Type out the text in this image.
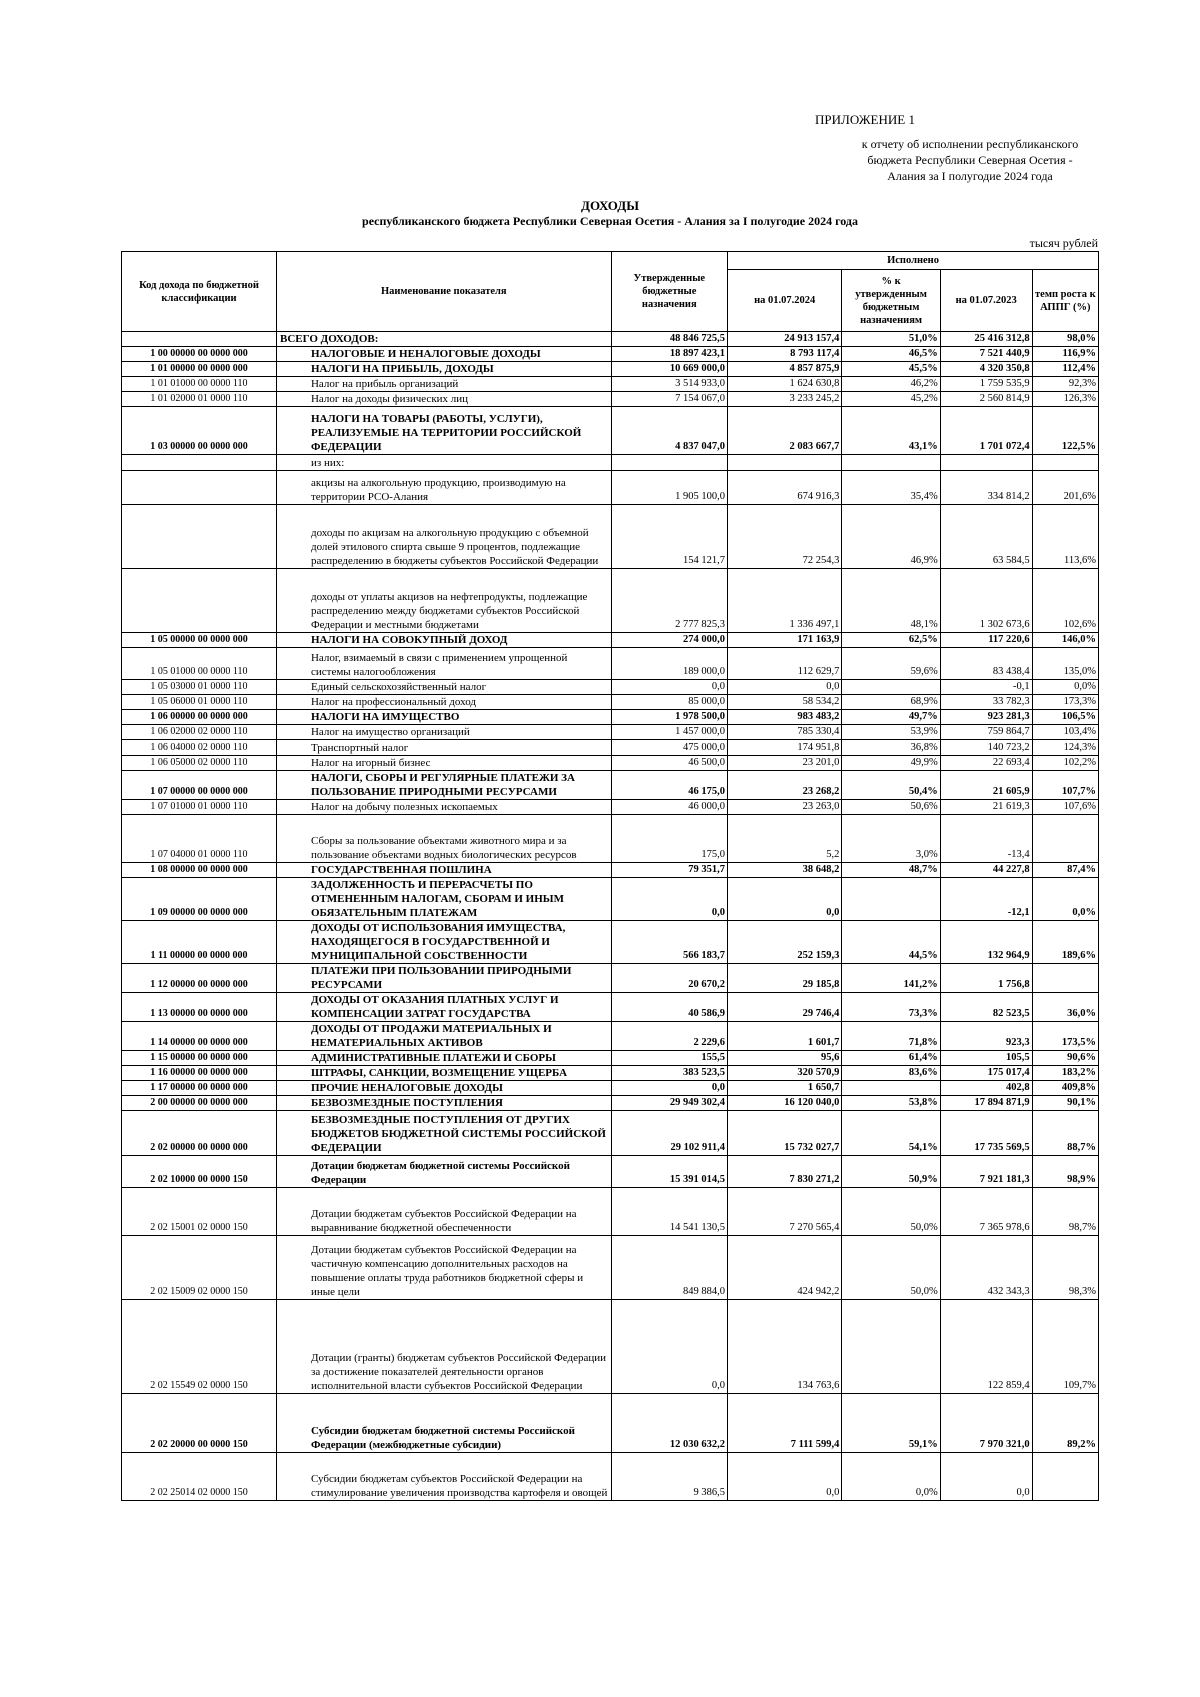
ПРИЛОЖЕНИЕ 1
к отчету об исполнении республиканского
бюджета Республики Северная Осетия -
Алания за I полугодие 2024 года
ДОХОДЫ
республиканского бюджета Республики Северная Осетия - Алания за I полугодие 2024 года
тысяч рублей
Код дохода по бюджетной классификации	Наименование показателя	Утвержденные бюджетные назначения	Исполнено			
			на 01.07.2024	% к утвержденным бюджетным назначениям	на 01.07.2023	темп роста к АППГ (%)
	ВСЕГО ДОХОДОВ:	48 846 725,5	24 913 157,4	51,0%	25 416 312,8	98,0%
1 00 00000 00 0000 000	НАЛОГОВЫЕ И НЕНАЛОГОВЫЕ ДОХОДЫ	18 897 423,1	8 793 117,4	46,5%	7 521 440,9	116,9%
1 01 00000 00 0000 000	НАЛОГИ НА ПРИБЫЛЬ, ДОХОДЫ	10 669 000,0	4 857 875,9	45,5%	4 320 350,8	112,4%
1 01 01000 00 0000 110	Налог на прибыль организаций	3 514 933,0	1 624 630,8	46,2%	1 759 535,9	92,3%
1 01 02000 01 0000 110	Налог на доходы физических лиц	7 154 067,0	3 233 245,2	45,2%	2 560 814,9	126,3%
1 03 00000 00 0000 000	НАЛОГИ НА ТОВАРЫ (РАБОТЫ, УСЛУГИ), РЕАЛИЗУЕМЫЕ НА ТЕРРИТОРИИ РОССИЙСКОЙ ФЕДЕРАЦИИ	4 837 047,0	2 083 667,7	43,1%	1 701 072,4	122,5%
	из них:					
	акцизы на алкогольную продукцию, производимую на территории РСО-Алания	1 905 100,0	674 916,3	35,4%	334 814,2	201,6%
	доходы по акцизам на алкогольную продукцию с объемной долей этилового спирта свыше 9 процентов, подлежащие распределению в бюджеты субъектов Российской Федерации	154 121,7	72 254,3	46,9%	63 584,5	113,6%
	доходы от уплаты акцизов на нефтепродукты, подлежащие распределению между бюджетами субъектов Российской Федерации и местными бюджетами	2 777 825,3	1 336 497,1	48,1%	1 302 673,6	102,6%
1 05 00000 00 0000 000	НАЛОГИ НА СОВОКУПНЫЙ ДОХОД	274 000,0	171 163,9	62,5%	117 220,6	146,0%
1 05 01000 00 0000 110	Налог, взимаемый в связи с применением упрощенной системы налогообложения	189 000,0	112 629,7	59,6%	83 438,4	135,0%
1 05 03000 01 0000 110	Единый сельскохозяйственный налог	0,0	0,0		-0,1	0,0%
1 05 06000 01 0000 110	Налог на профессиональный доход	85 000,0	58 534,2	68,9%	33 782,3	173,3%
1 06 00000 00 0000 000	НАЛОГИ НА ИМУЩЕСТВО	1 978 500,0	983 483,2	49,7%	923 281,3	106,5%
1 06 02000 02 0000 110	Налог на имущество организаций	1 457 000,0	785 330,4	53,9%	759 864,7	103,4%
1 06 04000 02 0000 110	Транспортный налог	475 000,0	174 951,8	36,8%	140 723,2	124,3%
1 06 05000 02 0000 110	Налог на игорный бизнес	46 500,0	23 201,0	49,9%	22 693,4	102,2%
1 07 00000 00 0000 000	НАЛОГИ, СБОРЫ И РЕГУЛЯРНЫЕ ПЛАТЕЖИ ЗА ПОЛЬЗОВАНИЕ ПРИРОДНЫМИ РЕСУРСАМИ	46 175,0	23 268,2	50,4%	21 605,9	107,7%
1 07 01000 01 0000 110	Налог на добычу полезных ископаемых	46 000,0	23 263,0	50,6%	21 619,3	107,6%
1 07 04000 01 0000 110	Сборы за пользование объектами животного мира и за пользование объектами водных биологических ресурсов	175,0	5,2	3,0%	-13,4	
1 08 00000 00 0000 000	ГОСУДАРСТВЕННАЯ ПОШЛИНА	79 351,7	38 648,2	48,7%	44 227,8	87,4%
1 09 00000 00 0000 000	ЗАДОЛЖЕННОСТЬ И ПЕРЕРАСЧЕТЫ ПО ОТМЕНЕННЫМ НАЛОГАМ, СБОРАМ И ИНЫМ ОБЯЗАТЕЛЬНЫМ ПЛАТЕЖАМ	0,0	0,0		-12,1	0,0%
1 11 00000 00 0000 000	ДОХОДЫ ОТ ИСПОЛЬЗОВАНИЯ ИМУЩЕСТВА, НАХОДЯЩЕГОСЯ В ГОСУДАРСТВЕННОЙ И МУНИЦИПАЛЬНОЙ СОБСТВЕННОСТИ	566 183,7	252 159,3	44,5%	132 964,9	189,6%
1 12 00000 00 0000 000	ПЛАТЕЖИ ПРИ ПОЛЬЗОВАНИИ ПРИРОДНЫМИ РЕСУРСАМИ	20 670,2	29 185,8	141,2%	1 756,8	
1 13 00000 00 0000 000	ДОХОДЫ ОТ ОКАЗАНИЯ ПЛАТНЫХ УСЛУГ И КОМПЕНСАЦИИ ЗАТРАТ ГОСУДАРСТВА	40 586,9	29 746,4	73,3%	82 523,5	36,0%
1 14 00000 00 0000 000	ДОХОДЫ ОТ ПРОДАЖИ МАТЕРИАЛЬНЫХ И НЕМАТЕРИАЛЬНЫХ АКТИВОВ	2 229,6	1 601,7	71,8%	923,3	173,5%
1 15 00000 00 0000 000	АДМИНИСТРАТИВНЫЕ ПЛАТЕЖИ И СБОРЫ	155,5	95,6	61,4%	105,5	90,6%
1 16 00000 00 0000 000	ШТРАФЫ, САНКЦИИ, ВОЗМЕЩЕНИЕ УЩЕРБА	383 523,5	320 570,9	83,6%	175 017,4	183,2%
1 17 00000 00 0000 000	ПРОЧИЕ НЕНАЛОГОВЫЕ ДОХОДЫ	0,0	1 650,7		402,8	409,8%
2 00 00000 00 0000 000	БЕЗВОЗМЕЗДНЫЕ ПОСТУПЛЕНИЯ	29 949 302,4	16 120 040,0	53,8%	17 894 871,9	90,1%
2 02 00000 00 0000 000	БЕЗВОЗМЕЗДНЫЕ ПОСТУПЛЕНИЯ ОТ ДРУГИХ БЮДЖЕТОВ БЮДЖЕТНОЙ СИСТЕМЫ РОССИЙСКОЙ ФЕДЕРАЦИИ	29 102 911,4	15 732 027,7	54,1%	17 735 569,5	88,7%
2 02 10000 00 0000 150	Дотации бюджетам бюджетной системы Российской Федерации	15 391 014,5	7 830 271,2	50,9%	7 921 181,3	98,9%
2 02 15001 02 0000 150	Дотации бюджетам субъектов Российской Федерации на выравнивание бюджетной обеспеченности	14 541 130,5	7 270 565,4	50,0%	7 365 978,6	98,7%
2 02 15009 02 0000 150	Дотации бюджетам субъектов Российской Федерации на частичную компенсацию дополнительных расходов на повышение оплаты труда работников бюджетной сферы и иные цели	849 884,0	424 942,2	50,0%	432 343,3	98,3%
2 02 15549 02 0000 150	Дотации (гранты) бюджетам субъектов Российской Федерации за достижение показателей деятельности органов исполнительной власти субъектов Российской Федерации	0,0	134 763,6		122 859,4	109,7%
2 02 20000 00 0000 150	Субсидии бюджетам бюджетной системы Российской Федерации (межбюджетные субсидии)	12 030 632,2	7 111 599,4	59,1%	7 970 321,0	89,2%
2 02 25014 02 0000 150	Субсидии бюджетам субъектов Российской Федерации на стимулирование увеличения производства картофеля и овощей	9 386,5	0,0	0,0%	0,0	
